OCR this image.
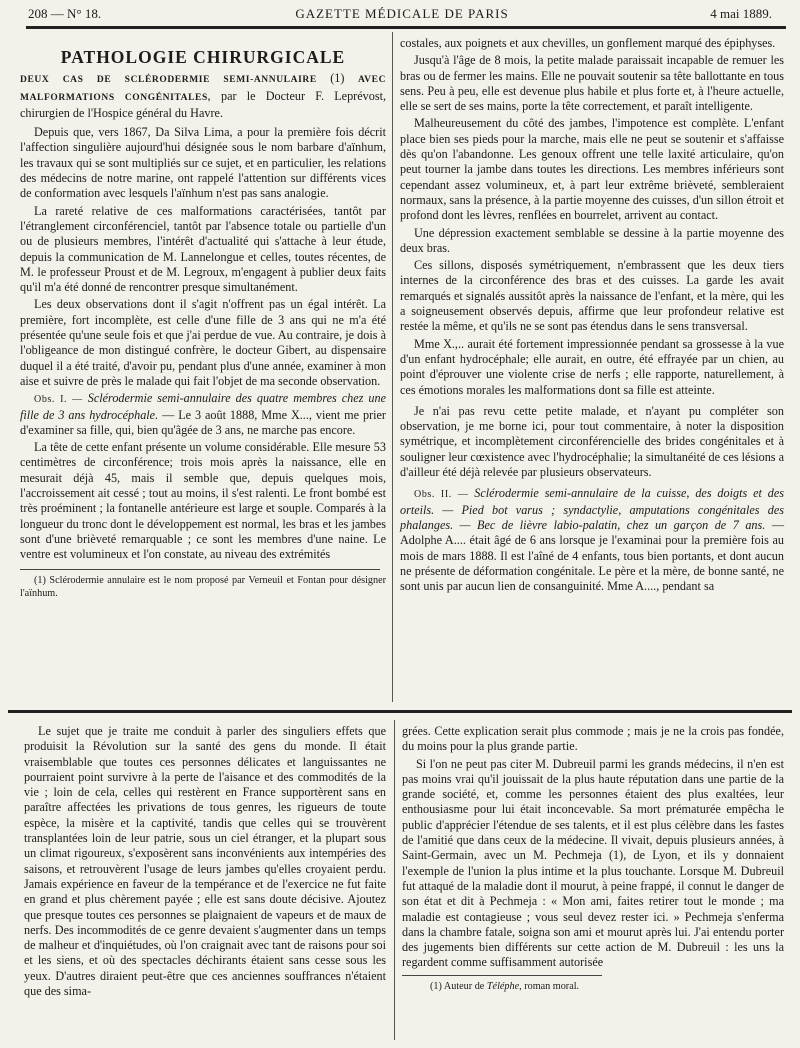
208 — N° 18.	GAZETTE MÉDICALE DE PARIS	4 mai 1889.
PATHOLOGIE CHIRURGICALE
DEUX CAS DE SCLÉRODERMIE SEMI-ANNULAIRE (1) AVEC MALFORMATIONS CONGÉNITALES, par le Docteur F. Leprévost, chirurgien de l'Hospice général du Havre.

Depuis que, vers 1867, Da Silva Lima, a pour la première fois décrit l'affection singulière aujourd'hui désignée sous le nom barbare d'aïnhum, les travaux qui se sont multipliés sur ce sujet, et en particulier, les relations des médecins de notre marine, ont rappelé l'attention sur différents vices de conformation avec lesquels l'aïnhum n'est pas sans analogie.

La rareté relative de ces malformations caractérisées, tantôt par l'étranglement circonférenciel, tantôt par l'absence totale ou partielle d'un ou de plusieurs membres, l'intérêt d'actualité qui s'attache à leur étude, depuis la communication de M. Lannelongue et celles, toutes récentes, de M. le professeur Proust et de M. Legroux, m'engagent à publier deux faits qu'il m'a été donné de rencontrer presque simultanément.

Les deux observations dont il s'agit n'offrent pas un égal intérêt. La première, fort incomplète, est celle d'une fille de 3 ans qui ne m'a été présentée qu'une seule fois et que j'ai perdue de vue. Au contraire, je dois à l'obligeance de mon distingué confrère, le docteur Gibert, au dispensaire duquel il a été traité, d'avoir pu, pendant plus d'une année, examiner à mon aise et suivre de près le malade qui fait l'objet de ma seconde observation.

Obs. I. — Sclérodermie semi-annulaire des quatre membres chez une fille de 3 ans hydrocéphale. — Le 3 août 1888, Mme X..., vient me prier d'examiner sa fille, qui, bien qu'âgée de 3 ans, ne marche pas encore.

La tête de cette enfant présente un volume considérable. Elle mesure 53 centimètres de circonférence; trois mois après la naissance, elle en mesurait déjà 45, mais il semble que, depuis quelques mois, l'accroissement ait cessé ; tout au moins, il s'est ralenti. Le front bombé est très proéminent ; la fontanelle antérieure est large et souple. Comparés à la longueur du tronc dont le développement est normal, les bras et les jambes sont d'une brièveté remarquable ; ce sont les membres d'une naine. Le ventre est volumineux et l'on constate, au niveau des extrémités

(1) Sclérodermie annulaire est le nom proposé par Verneuil et Fontan pour désigner l'aïnhum.

costales, aux poignets et aux chevilles, un gonflement marqué des épiphyses.

Jusqu'à l'âge de 8 mois, la petite malade paraissait incapable de remuer les bras ou de fermer les mains. Elle ne pouvait soutenir sa tête ballottante en tous sens. Peu à peu, elle est devenue plus habile et plus forte et, à l'heure actuelle, elle se sert de ses mains, porte la tête correctement, et paraît intelligente.

Malheureusement du côté des jambes, l'impotence est complète. L'enfant place bien ses pieds pour la marche, mais elle ne peut se soutenir et s'affaisse dès qu'on l'abandonne. Les genoux offrent une telle laxité articulaire, qu'on peut tourner la jambe dans toutes les directions. Les membres inférieurs sont cependant assez volumineux, et, à part leur extrême brièveté, sembleraient normaux, sans la présence, à la partie moyenne des cuisses, d'un sillon étroit et profond dont les lèvres, renflées en bourrelet, arrivent au contact.

Une dépression exactement semblable se dessine à la partie moyenne des deux bras.

Ces sillons, disposés symétriquement, n'embrassent que les deux tiers internes de la circonférence des bras et des cuisses. La garde les avait remarqués et signalés aussitôt après la naissance de l'enfant, et la mère, qui les a soigneusement observés depuis, affirme que leur profondeur relative est restée la même, et qu'ils ne se sont pas étendus dans le sens transversal.

Mme X.,.. aurait été fortement impressionnée pendant sa grossesse à la vue d'un enfant hydrocéphale; elle aurait, en outre, été effrayée par un chien, au point d'éprouver une violente crise de nerfs ; elle rapporte, naturellement, à ces émotions morales les malformations dont sa fille est atteinte.

Je n'ai pas revu cette petite malade, et n'ayant pu compléter son observation, je me borne ici, pour tout commentaire, à noter la disposition symétrique, et incomplètement circonférencielle des brides congénitales et à souligner leur cœxistence avec l'hydrocéphalie; la simultanéité de ces lésions a d'ailleur été déjà relevée par plusieurs observateurs.

Obs. II. — Sclérodermie semi-annulaire de la cuisse, des doigts et des orteils. — Pied bot varus ; syndactylie, amputations congénitales des phalanges. — Bec de lièvre labio-palatin, chez un garçon de 7 ans. — Adolphe A.... était âgé de 6 ans lorsque je l'examinai pour la première fois au mois de mars 1888. Il est l'aîné de 4 enfants, tous bien portants, et dont aucun ne présente de déformation congénitale. Le père et la mère, de bonne santé, ne sont unis par aucun lien de consanguinité. Mme A...., pendant sa

Le sujet que je traite me conduit à parler des singuliers effets que produisit la Révolution sur la santé des gens du monde. Il était vraisemblable que toutes ces personnes délicates et languissantes ne pourraient point survivre à la perte de l'aisance et des commodités de la vie ; loin de cela, celles qui restèrent en France supportèrent sans en paraître affectées les privations de tous genres, les rigueurs de toute espèce, la misère et la captivité, tandis que celles qui se trouvèrent transplantées loin de leur patrie, sous un ciel étranger, et la plupart sous un climat rigoureux, s'exposèrent sans inconvénients aux intempéries des saisons, et retrouvèrent l'usage de leurs jambes qu'elles croyaient perdu. Jamais expérience en faveur de la tempérance et de l'exercice ne fut faite en grand et plus chèrement payée ; elle est sans doute décisive. Ajoutez que presque toutes ces personnes se plaignaient de vapeurs et de maux de nerfs. Des incommodités de ce genre devaient s'augmenter dans un temps de malheur et d'inquiétudes, où l'on craignait avec tant de raisons pour soi et les siens, et où des spectacles déchirants étaient sans cesse sous les yeux. D'autres diraient peut-être que ces anciennes souffrances n'étaient que des sima-

grées. Cette explication serait plus commode ; mais je ne la crois pas fondée, du moins pour la plus grande partie.

Si l'on ne peut pas citer M. Dubreuil parmi les grands médecins, il n'en est pas moins vrai qu'il jouissait de la plus haute réputation dans une partie de la grande société, et, comme les personnes étaient des plus exaltées, leur enthousiasme pour lui était inconcevable. Sa mort prématurée empêcha le public d'apprécier l'étendue de ses talents, et il est plus célèbre dans les fastes de l'amitié que dans ceux de la médecine. Il vivait, depuis plusieurs années, à Saint-Germain, avec un M. Pechmeja (1), de Lyon, et ils y donnaient l'exemple de l'union la plus intime et la plus touchante. Lorsque M. Dubreuil fut attaqué de la maladie dont il mourut, à peine frappé, il connut le danger de son état et dit à Pechmeja : « Mon ami, faites retirer tout le monde ; ma maladie est contagieuse ; vous seul devez rester ici. » Pechmeja s'enferma dans la chambre fatale, soigna son ami et mourut après lui. J'ai entendu porter des jugements bien différents sur cette action de M. Dubreuil : les uns la regardent comme suffisamment autorisée

(1) Auteur de Téléphe, roman moral.
